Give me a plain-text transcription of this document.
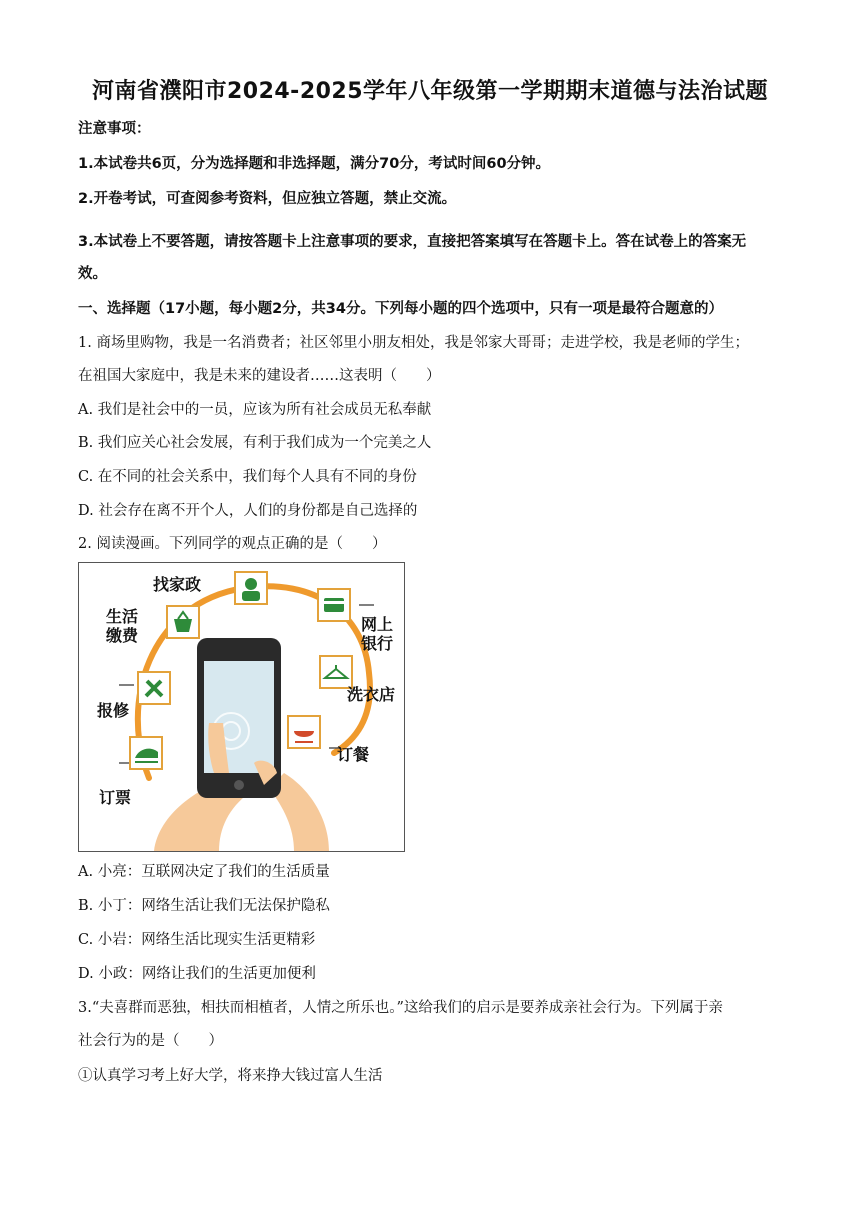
河南省濮阳市2024-2025学年八年级第一学期期末道德与法治试题
注意事项：
1.本试卷共6页，分为选择题和非选择题，满分70分，考试时间60分钟。
2.开卷考试，可查阅参考资料，但应独立答题，禁止交流。
3.本试卷上不要答题，请按答题卡上注意事项的要求，直接把答案填写在答题卡上。答在试卷上的答案无
效。
一、选择题（17小题，每小题2分，共34分。下列每小题的四个选项中，只有一项是最符合题意的）
1. 商场里购物，我是一名消费者；社区邻里小朋友相处，我是邻家大哥哥；走进学校，我是老师的学生；
在祖国大家庭中，我是未来的建设者……这表明（　　）
A. 我们是社会中的一员，应该为所有社会成员无私奉献
B. 我们应关心社会发展，有利于我们成为一个完美之人
C. 在不同的社会关系中，我们每个人具有不同的身份
D. 社会存在离不开个人，人们的身份都是自己选择的
2. 阅读漫画。下列同学的观点正确的是（　　）
找家政
生活
缴费
网上
银行
洗衣店
报修
订餐
订票
A. 小亮：互联网决定了我们的生活质量
B. 小丁：网络生活让我们无法保护隐私
C. 小岩：网络生活比现实生活更精彩
D. 小政：网络让我们的生活更加便利
3.“夫喜群而恶独，相扶而相植者，人情之所乐也。”这给我们的启示是要养成亲社会行为。下列属于亲
社会行为的是（　　）
①认真学习考上好大学，将来挣大钱过富人生活
